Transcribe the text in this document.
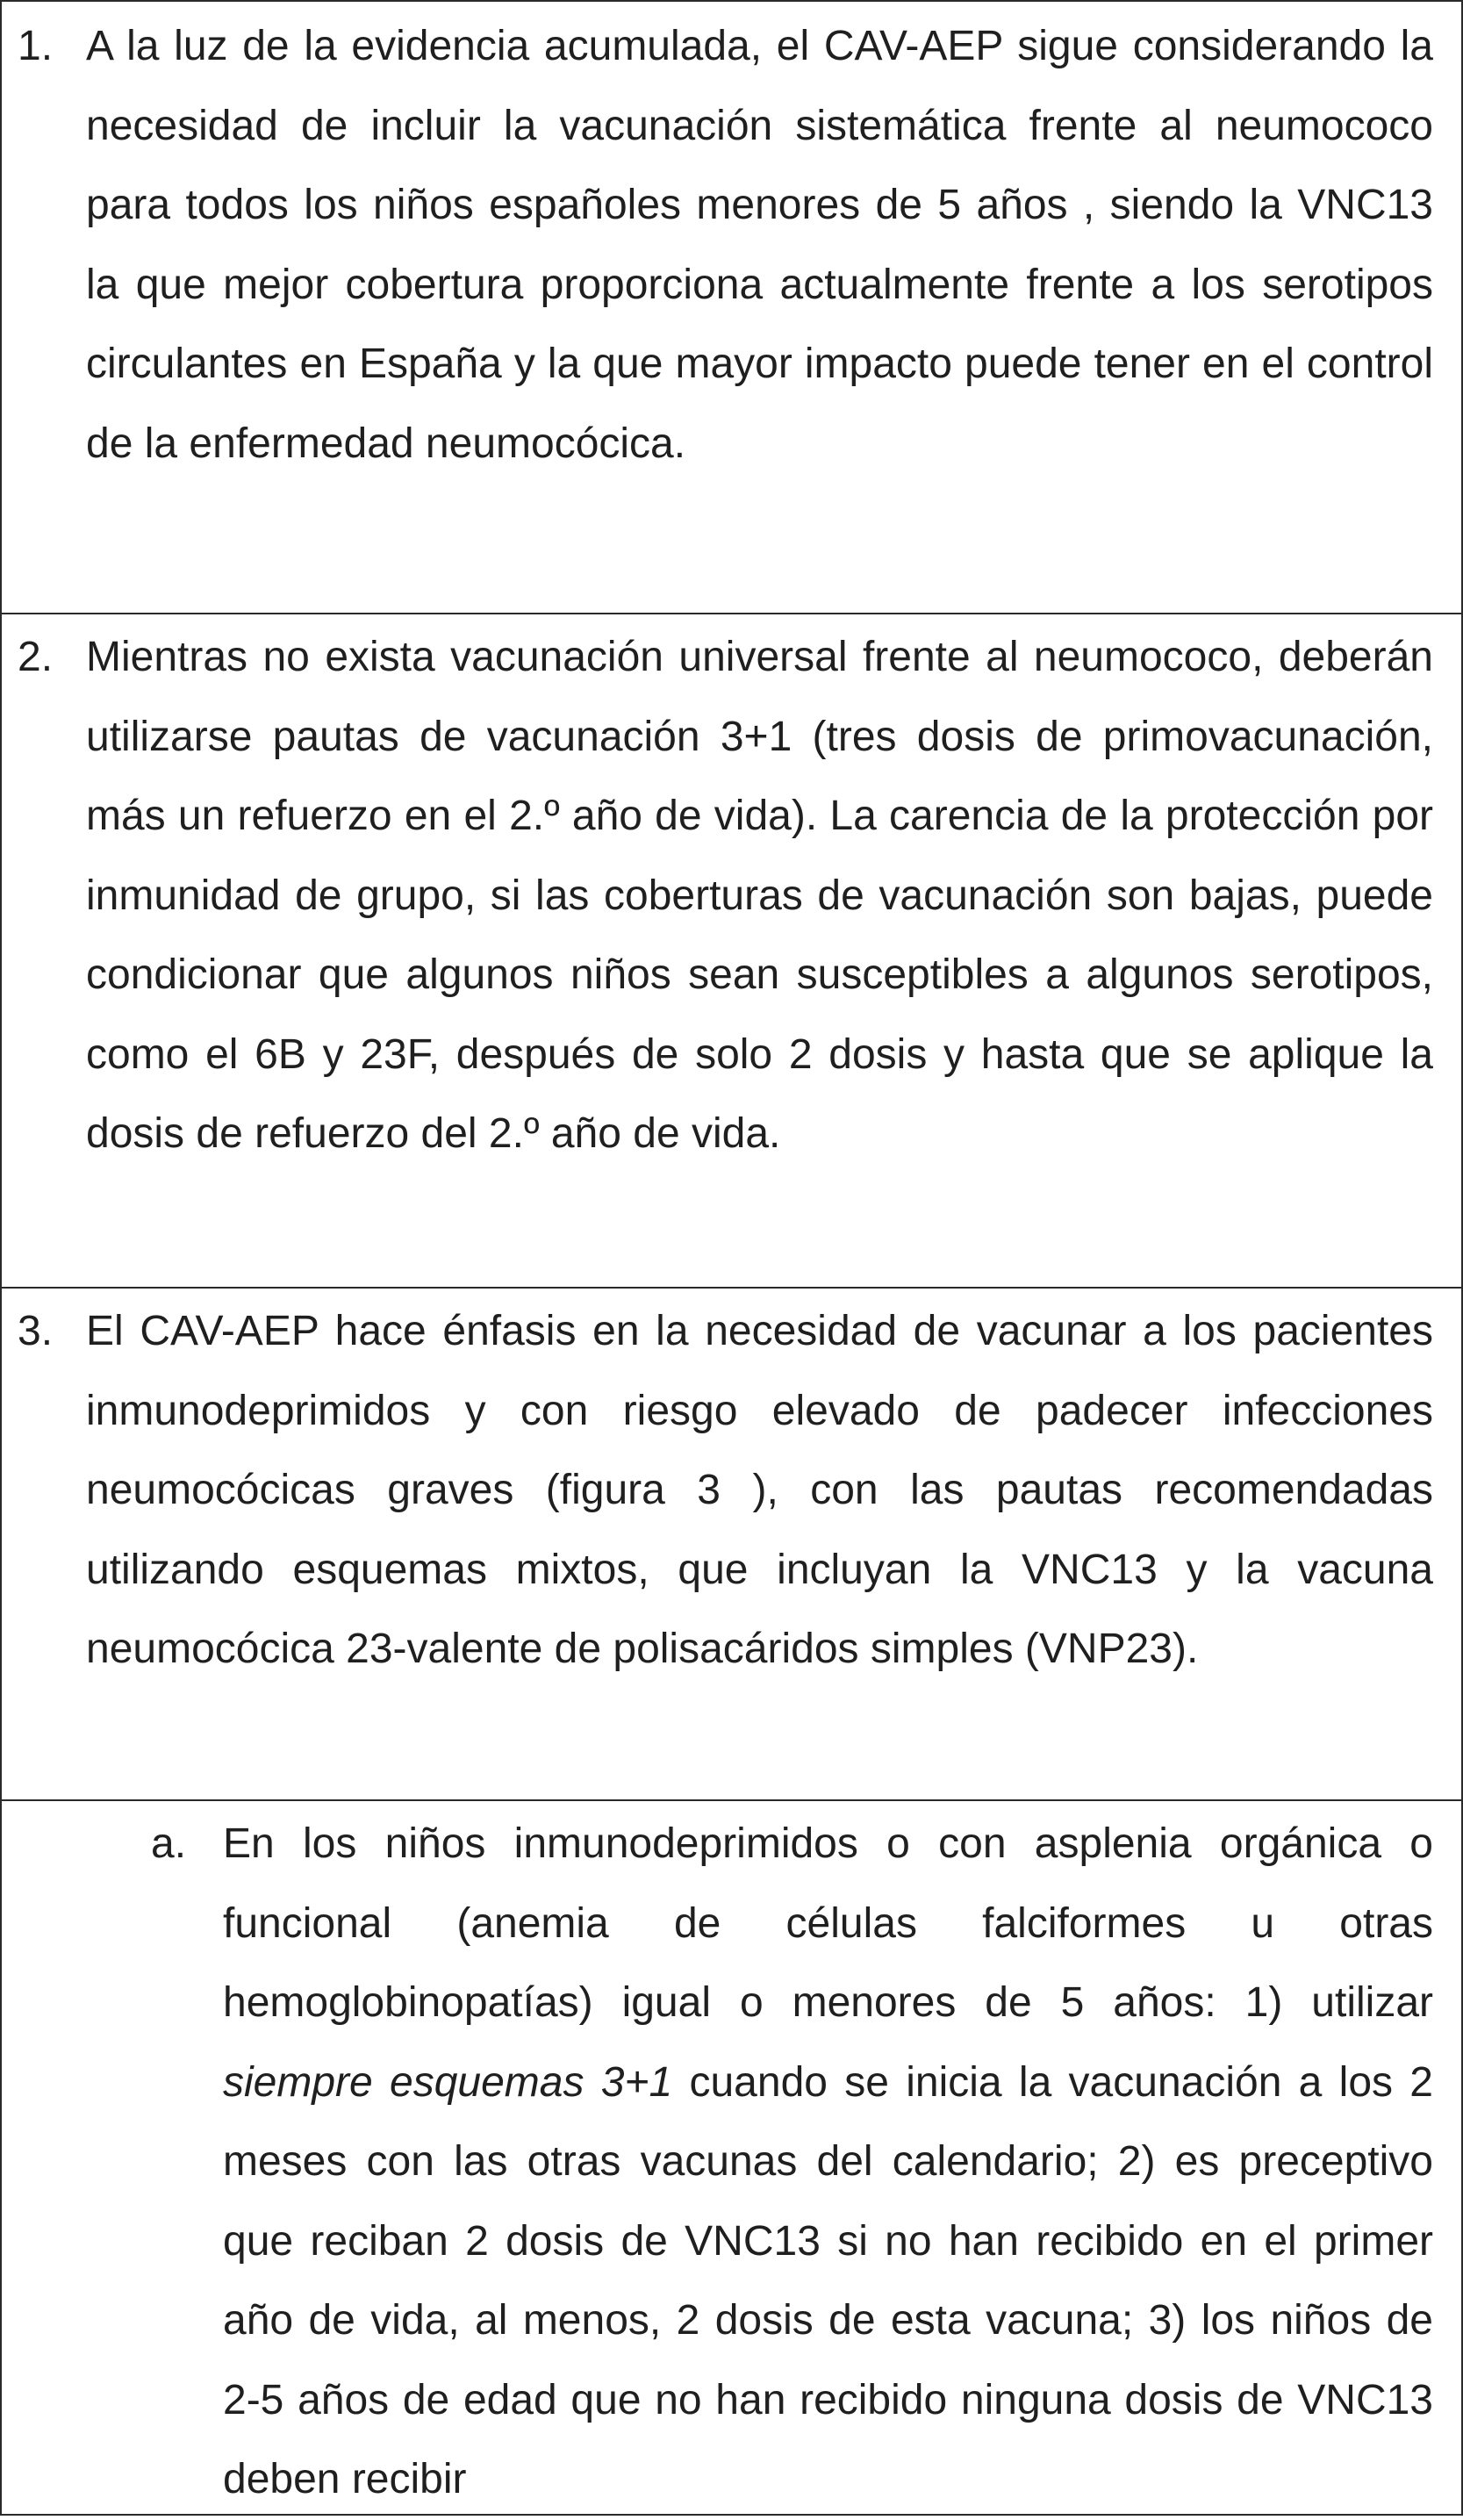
1. A la luz de la evidencia acumulada, el CAV-AEP sigue considerando la necesidad de incluir la vacunación sistemática frente al neumococo para todos los niños españoles menores de 5 años , siendo la VNC13 la que mejor cobertura proporciona actualmente frente a los serotipos circulantes en España y la que mayor impacto puede tener en el control de la enfermedad neumocócica.
2. Mientras no exista vacunación universal frente al neumococo, deberán utilizarse pautas de vacunación 3+1 (tres dosis de primovacunación, más un refuerzo en el 2.º año de vida). La carencia de la protección por inmunidad de grupo, si las coberturas de vacunación son bajas, puede condicionar que algunos niños sean susceptibles a algunos serotipos, como el 6B y 23F, después de solo 2 dosis y hasta que se aplique la dosis de refuerzo del 2.º año de vida.
3. El CAV-AEP hace énfasis en la necesidad de vacunar a los pacientes inmunodeprimidos y con riesgo elevado de padecer infecciones neumocócicas graves (figura 3 ), con las pautas recomendadas utilizando esquemas mixtos, que incluyan la VNC13 y la vacuna neumocócica 23-valente de polisacáridos simples (VNP23).
a. En los niños inmunodeprimidos o con asplenia orgánica o funcional (anemia de células falciformes u otras hemoglobinopatías) igual o menores de 5 años: 1) utilizar siempre esquemas 3+1 cuando se inicia la vacunación a los 2 meses con las otras vacunas del calendario; 2) es preceptivo que reciban 2 dosis de VNC13 si no han recibido en el primer año de vida, al menos, 2 dosis de esta vacuna; 3) los niños de 2-5 años de edad que no han recibido ninguna dosis de VNC13 deben recibir
